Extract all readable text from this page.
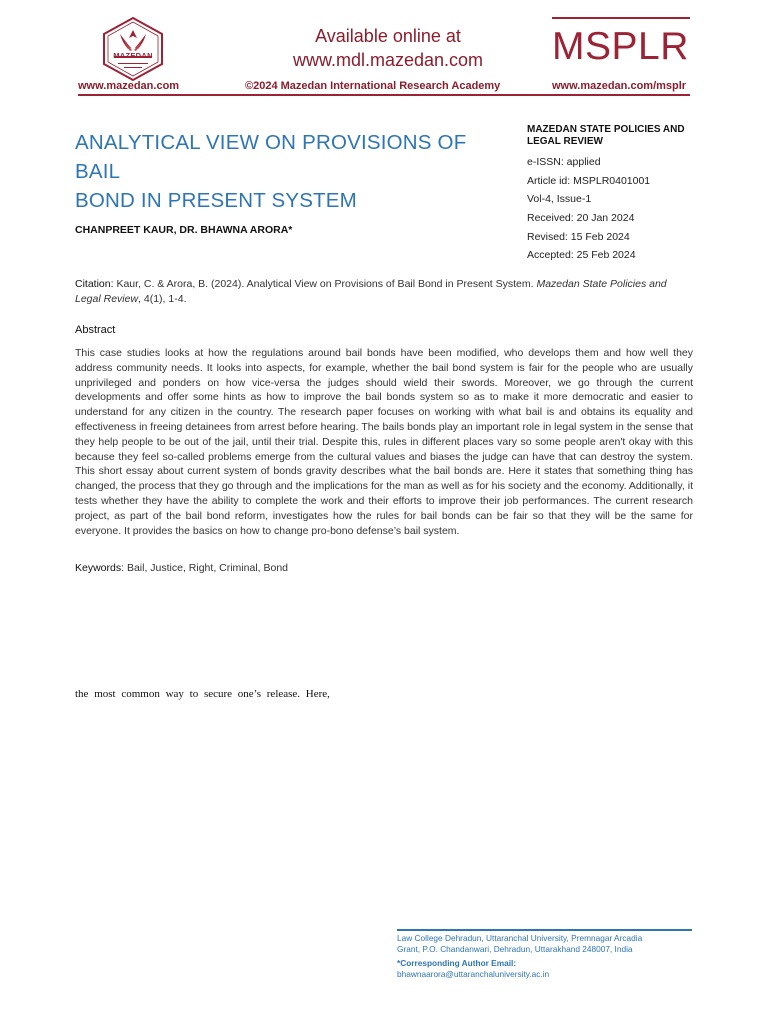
MAZEDAN
Available online at
www.mdl.mazedan.com	MSPLR
www.mazedan.com	©2024 Mazedan International Research Academy	www.mazedan.com/msplr
ANALYTICAL VIEW ON PROVISIONS OF BAIL
BOND IN PRESENT SYSTEM
CHANPREET KAUR, DR. BHAWNA ARORA*
MAZEDAN STATE POLICIES AND
LEGAL REVIEW
e-ISSN: applied
Article id: MSPLR0401001
Vol-4, Issue-1
Received: 20 Jan 2024
Revised: 15 Feb 2024
Accepted: 25 Feb 2024
Citation: Kaur, C. & Arora, B. (2024). Analytical View on Provisions of Bail Bond in Present System. Mazedan State Policies and Legal Review, 4(1), 1-4.
Abstract
This case studies looks at how the regulations around bail bonds have been modified, who develops them and how well they address community needs. It looks into aspects, for example, whether the bail bond system is fair for the people who are usually unprivileged and ponders on how vice-versa the judges should wield their swords. Moreover, we go through the current developments and offer some hints as how to improve the bail bonds system so as to make it more democratic and easier to understand for any citizen in the country. The research paper focuses on working with what bail is and obtains its equality and effectiveness in freeing detainees from arrest before hearing. The bails bonds play an important role in legal system in the sense that they help people to be out of the jail, until their trial. Despite this, rules in different places vary so some people aren't okay with this because they feel so-called problems emerge from the cultural values and biases the judge can have that can destroy the system. This short essay about current system of bonds gravity describes what the bail bonds are. Here it states that something thing has changed, the process that they go through and the implications for the man as well as for his society and the economy. Additionally, it tests whether they have the ability to complete the work and their efforts to improve their job performances. The current research project, as part of the bail bond reform, investigates how the rules for bail bonds can be fair so that they will be the same for everyone. It provides the basics on how to change pro-bono defense’s bail system.
Keywords: Bail, Justice, Right, Criminal, Bond
the most common way to secure one’s release. Here,
Law College Dehradun, Uttaranchal University, Premnagar Arcadia
Grant, P.O. Chandanwari, Dehradun, Uttarakhand 248007, India
*Corresponding Author Email:
bhawnaarora@uttaranchaluniversity.ac.in
